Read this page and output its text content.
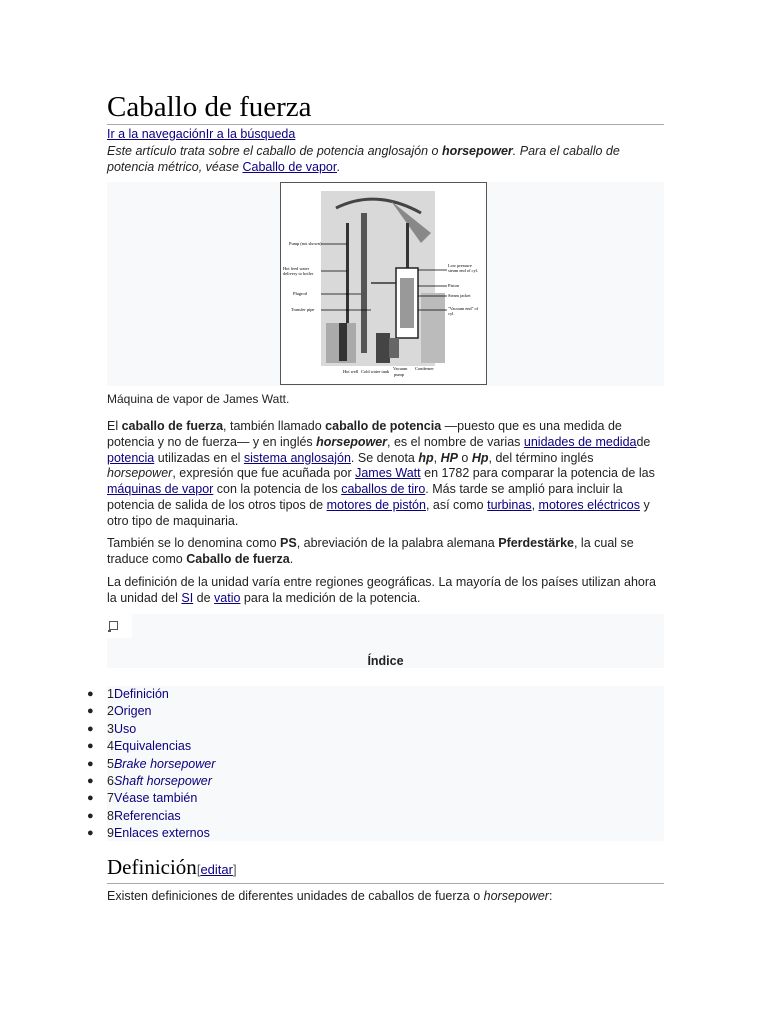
Caballo de fuerza
Ir a la navegaciónIr a la búsqueda
Este artículo trata sobre el caballo de potencia anglosajón o horsepower. Para el caballo de potencia métrico, véase Caballo de vapor.
Pump (not shown)
Hot feed water
delivery to boiler
Plugrod
Transfer pipe
Hot well Cold water tank
Vacuum
pump
Condenser
Low pressure
steam end of cyl.
Piston
Steam jacket
"Vacuum end" of
cyl.
Máquina de vapor de James Watt.

El caballo de fuerza, también llamado caballo de potencia —puesto que es una medida de potencia y no de fuerza— y en inglés horsepower, es el nombre de varias unidades de medidade potencia utilizadas en el sistema anglosajón. Se denota hp, HP o Hp, del término inglés horsepower, expresión que fue acuñada por James Watt en 1782 para comparar la potencia de las máquinas de vapor con la potencia de los caballos de tiro. Más tarde se amplió para incluir la potencia de salida de los otros tipos de motores de pistón, así como turbinas, motores eléctricos y otro tipo de maquinaria.

También se lo denomina como PS, abreviación de la palabra alemana Pferdestärke, la cual se traduce como Caballo de fuerza.

La definición de la unidad varía entre regiones geográficas. La mayoría de los países utilizan ahora la unidad del SI de vatio para la medición de la potencia.

Índice
● 1Definición
● 2Origen
● 3Uso
● 4Equivalencias
● 5Brake horsepower
● 6Shaft horsepower
● 7Véase también
● 8Referencias
● 9Enlaces externos
Definición[editar]

Existen definiciones de diferentes unidades de caballos de fuerza o horsepower:
